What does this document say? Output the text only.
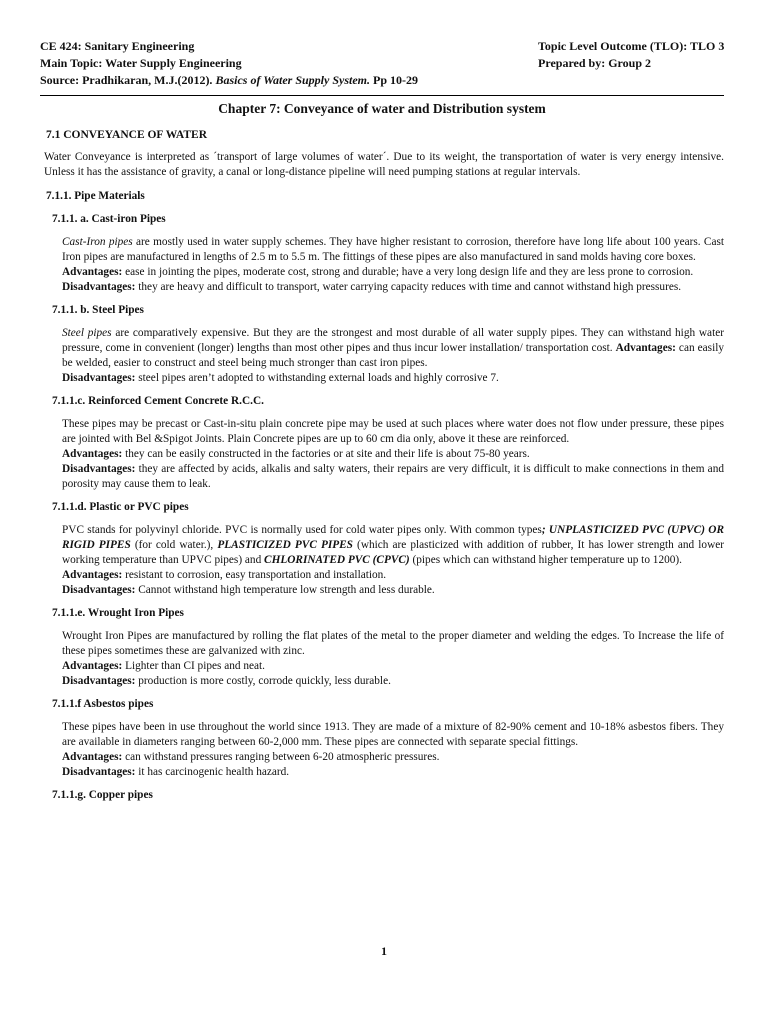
CE 424: Sanitary Engineering
Main Topic: Water Supply Engineering
Source: Pradhikaran, M.J.(2012). Basics of Water Supply System. Pp 10-29
Topic Level Outcome (TLO): TLO 3
Prepared by: Group 2
Chapter 7: Conveyance of water and Distribution system
7.1 CONVEYANCE OF WATER

Water Conveyance is interpreted as ´transport of large volumes of water´. Due to its weight, the transportation of water is very energy intensive. Unless it has the assistance of gravity, a canal or long-distance pipeline will need pumping stations at regular intervals.

7.1.1. Pipe Materials
7.1.1. a. Cast-iron Pipes

Cast-Iron pipes are mostly used in water supply schemes. They have higher resistant to corrosion, therefore have long life about 100 years. Cast Iron pipes are manufactured in lengths of 2.5 m to 5.5 m. The fittings of these pipes are also manufactured in sand molds having core boxes.

Advantages: ease in jointing the pipes, moderate cost, strong and durable; have a very long design life and they are less prone to corrosion.

Disadvantages: they are heavy and difficult to transport, water carrying capacity reduces with time and cannot withstand high pressures.

7.1.1. b. Steel Pipes

Steel pipes are comparatively expensive. But they are the strongest and most durable of all water supply pipes. They can withstand high water pressure, come in convenient (longer) lengths than most other pipes and thus incur lower installation/ transportation cost. Advantages: can easily be welded, easier to construct and steel being much stronger than cast iron pipes.

Disadvantages: steel pipes aren’t adopted to withstanding external loads and highly corrosive 7.

7.1.1.c. Reinforced Cement Concrete R.C.C.

These pipes may be precast or Cast-in-situ plain concrete pipe may be used at such places where water does not flow under pressure, these pipes are jointed with Bel &Spigot Joints. Plain Concrete pipes are up to 60 cm dia only, above it these are reinforced.

Advantages: they can be easily constructed in the factories or at site and their life is about 75-80 years.

Disadvantages: they are affected by acids, alkalis and salty waters, their repairs are very difficult, it is difficult to make connections in them and porosity may cause them to leak.

7.1.1.d. Plastic or PVC pipes

PVC stands for polyvinyl chloride. PVC is normally used for cold water pipes only. With common types; UNPLASTICIZED PVC (UPVC) OR RIGID PIPES (for cold water.), PLASTICIZED PVC PIPES (which are plasticized with addition of rubber, It has lower strength and lower working temperature than UPVC pipes) and CHLORINATED PVC (CPVC) (pipes which can withstand higher temperature up to 1200).

Advantages: resistant to corrosion, easy transportation and installation.

Disadvantages: Cannot withstand high temperature low strength and less durable.

7.1.1.e. Wrought Iron Pipes

Wrought Iron Pipes are manufactured by rolling the flat plates of the metal to the proper diameter and welding the edges. To Increase the life of these pipes sometimes these are galvanized with zinc.

Advantages: Lighter than CI pipes and neat.

Disadvantages: production is more costly, corrode quickly, less durable.

7.1.1.f Asbestos pipes

These pipes have been in use throughout the world since 1913. They are made of a mixture of 82-90% cement and 10-18% asbestos fibers. They are available in diameters ranging between 60-2,000 mm. These pipes are connected with separate special fittings.

Advantages: can withstand pressures ranging between 6-20 atmospheric pressures.

Disadvantages: it has carcinogenic health hazard.

7.1.1.g. Copper pipes
1
